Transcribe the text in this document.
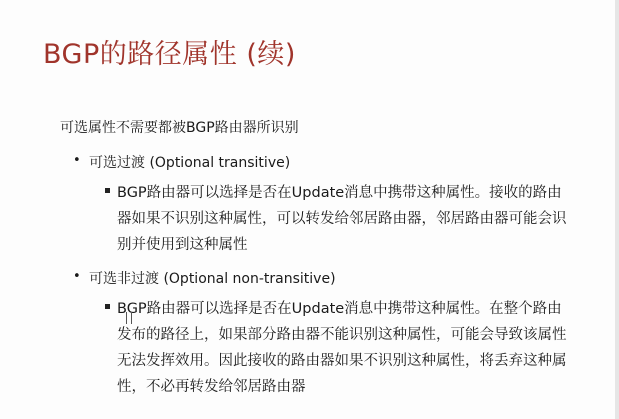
BGP的路径属性 (续)
可选属性不需要都被BGP路由器所识别
• 可选过渡 (Optional transitive)
BGP路由器可以选择是否在Update消息中携带这种属性。接收的路由器如果不识别这种属性，可以转发给邻居路由器，邻居路由器可能会识别并使用到这种属性
• 可选非过渡 (Optional non-transitive)
BGP路由器可以选择是否在Update消息中携带这种属性。在整个路由发布的路径上，如果部分路由器不能识别这种属性，可能会导致该属性无法发挥效用。因此接收的路由器如果不识别这种属性，将丢弃这种属性，不必再转发给邻居路由器
